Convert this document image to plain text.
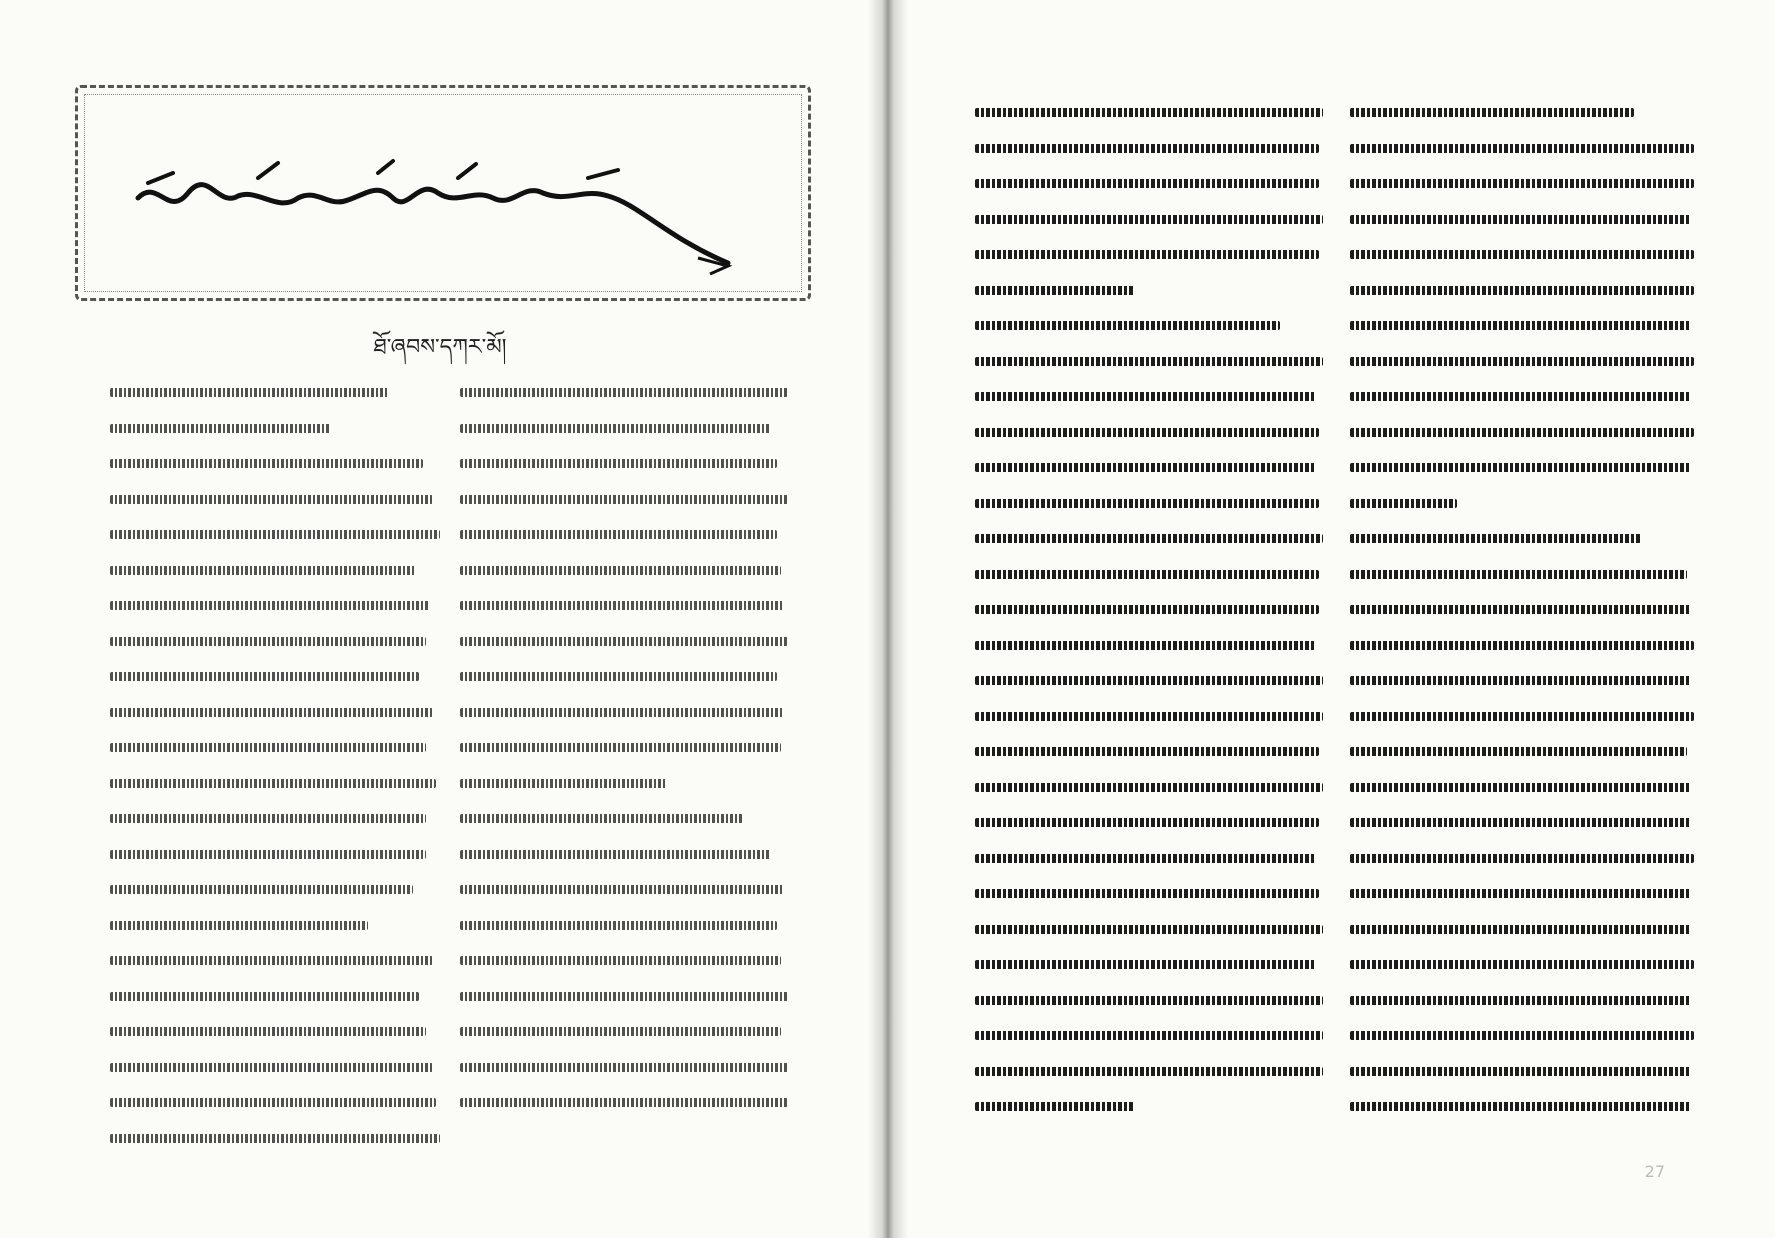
ཐོ་ཞབས་དཀར་མོ།
27
